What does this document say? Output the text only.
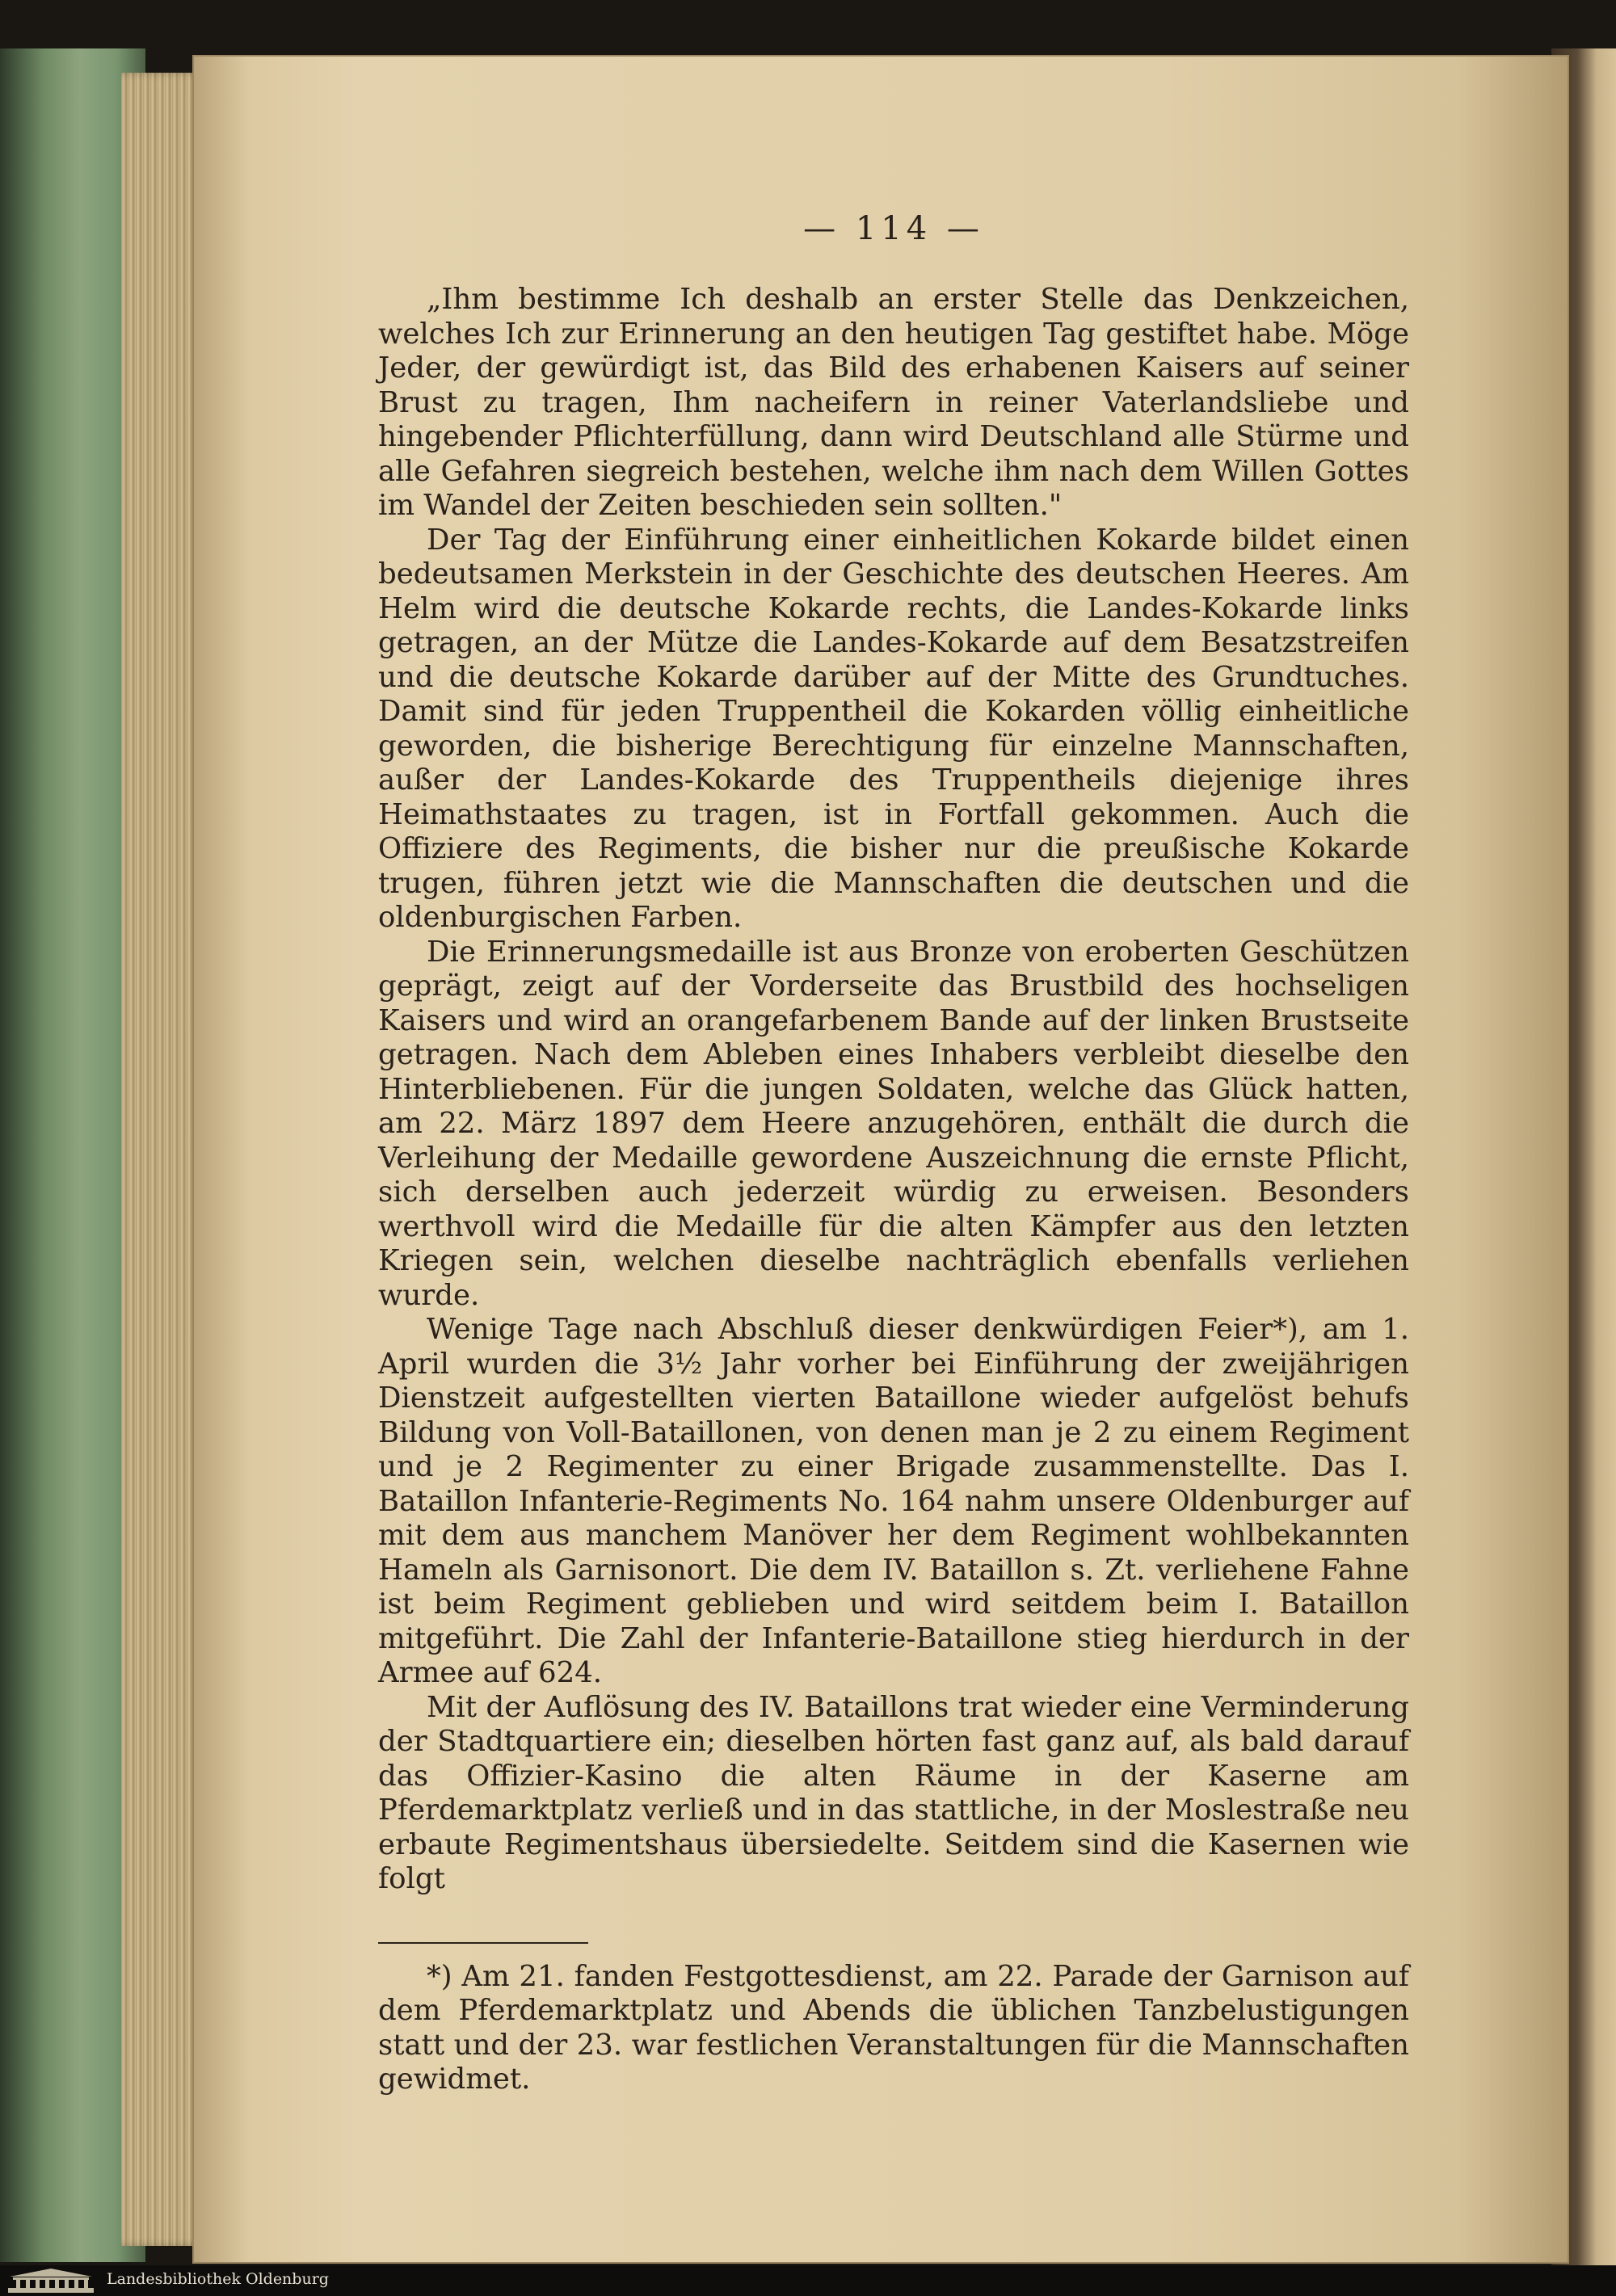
— 114 —

„Ihm bestimme Ich deshalb an erster Stelle das Denkzeichen, welches Ich zur Erinnerung an den heutigen Tag gestiftet habe. Möge Jeder, der gewürdigt ist, das Bild des erhabenen Kaisers auf seiner Brust zu tragen, Ihm nacheifern in reiner Vaterlandsliebe und hingebender Pflichterfüllung, dann wird Deutschland alle Stürme und alle Gefahren siegreich bestehen, welche ihm nach dem Willen Gottes im Wandel der Zeiten beschieden sein sollten."

Der Tag der Einführung einer einheitlichen Kokarde bildet einen bedeutsamen Merkstein in der Geschichte des deutschen Heeres. Am Helm wird die deutsche Kokarde rechts, die Landes-Kokarde links getragen, an der Mütze die Landes-Kokarde auf dem Besatzstreifen und die deutsche Kokarde darüber auf der Mitte des Grundtuches. Damit sind für jeden Truppentheil die Kokarden völlig einheitliche geworden, die bisherige Berechtigung für einzelne Mannschaften, außer der Landes-Kokarde des Truppentheils diejenige ihres Heimathstaates zu tragen, ist in Fortfall gekommen. Auch die Offiziere des Regiments, die bisher nur die preußische Kokarde trugen, führen jetzt wie die Mannschaften die deutschen und die oldenburgischen Farben.

Die Erinnerungsmedaille ist aus Bronze von eroberten Geschützen geprägt, zeigt auf der Vorderseite das Brustbild des hochseligen Kaisers und wird an orangefarbenem Bande auf der linken Brustseite getragen. Nach dem Ableben eines Inhabers verbleibt dieselbe den Hinterbliebenen. Für die jungen Soldaten, welche das Glück hatten, am 22. März 1897 dem Heere anzugehören, enthält die durch die Verleihung der Medaille gewordene Auszeichnung die ernste Pflicht, sich derselben auch jederzeit würdig zu erweisen. Besonders werthvoll wird die Medaille für die alten Kämpfer aus den letzten Kriegen sein, welchen dieselbe nachträglich ebenfalls verliehen wurde.

Wenige Tage nach Abschluß dieser denkwürdigen Feier*), am 1. April wurden die 3½ Jahr vorher bei Einführung der zweijährigen Dienstzeit aufgestellten vierten Bataillone wieder aufgelöst behufs Bildung von Voll-Bataillonen, von denen man je 2 zu einem Regiment und je 2 Regimenter zu einer Brigade zusammenstellte. Das I. Bataillon Infanterie-Regiments No. 164 nahm unsere Oldenburger auf mit dem aus manchem Manöver her dem Regiment wohlbekannten Hameln als Garnisonort. Die dem IV. Bataillon s. Zt. verliehene Fahne ist beim Regiment geblieben und wird seitdem beim I. Bataillon mitgeführt. Die Zahl der Infanterie-Bataillone stieg hierdurch in der Armee auf 624.

Mit der Auflösung des IV. Bataillons trat wieder eine Verminderung der Stadtquartiere ein; dieselben hörten fast ganz auf, als bald darauf das Offizier-Kasino die alten Räume in der Kaserne am Pferdemarktplatz verließ und in das stattliche, in der Moslestraße neu erbaute Regimentshaus übersiedelte. Seitdem sind die Kasernen wie folgt

*) Am 21. fanden Festgottesdienst, am 22. Parade der Garnison auf dem Pferdemarktplatz und Abends die üblichen Tanzbelustigungen statt und der 23. war festlichen Veranstaltungen für die Mannschaften gewidmet.

Landesbibliothek Oldenburg
